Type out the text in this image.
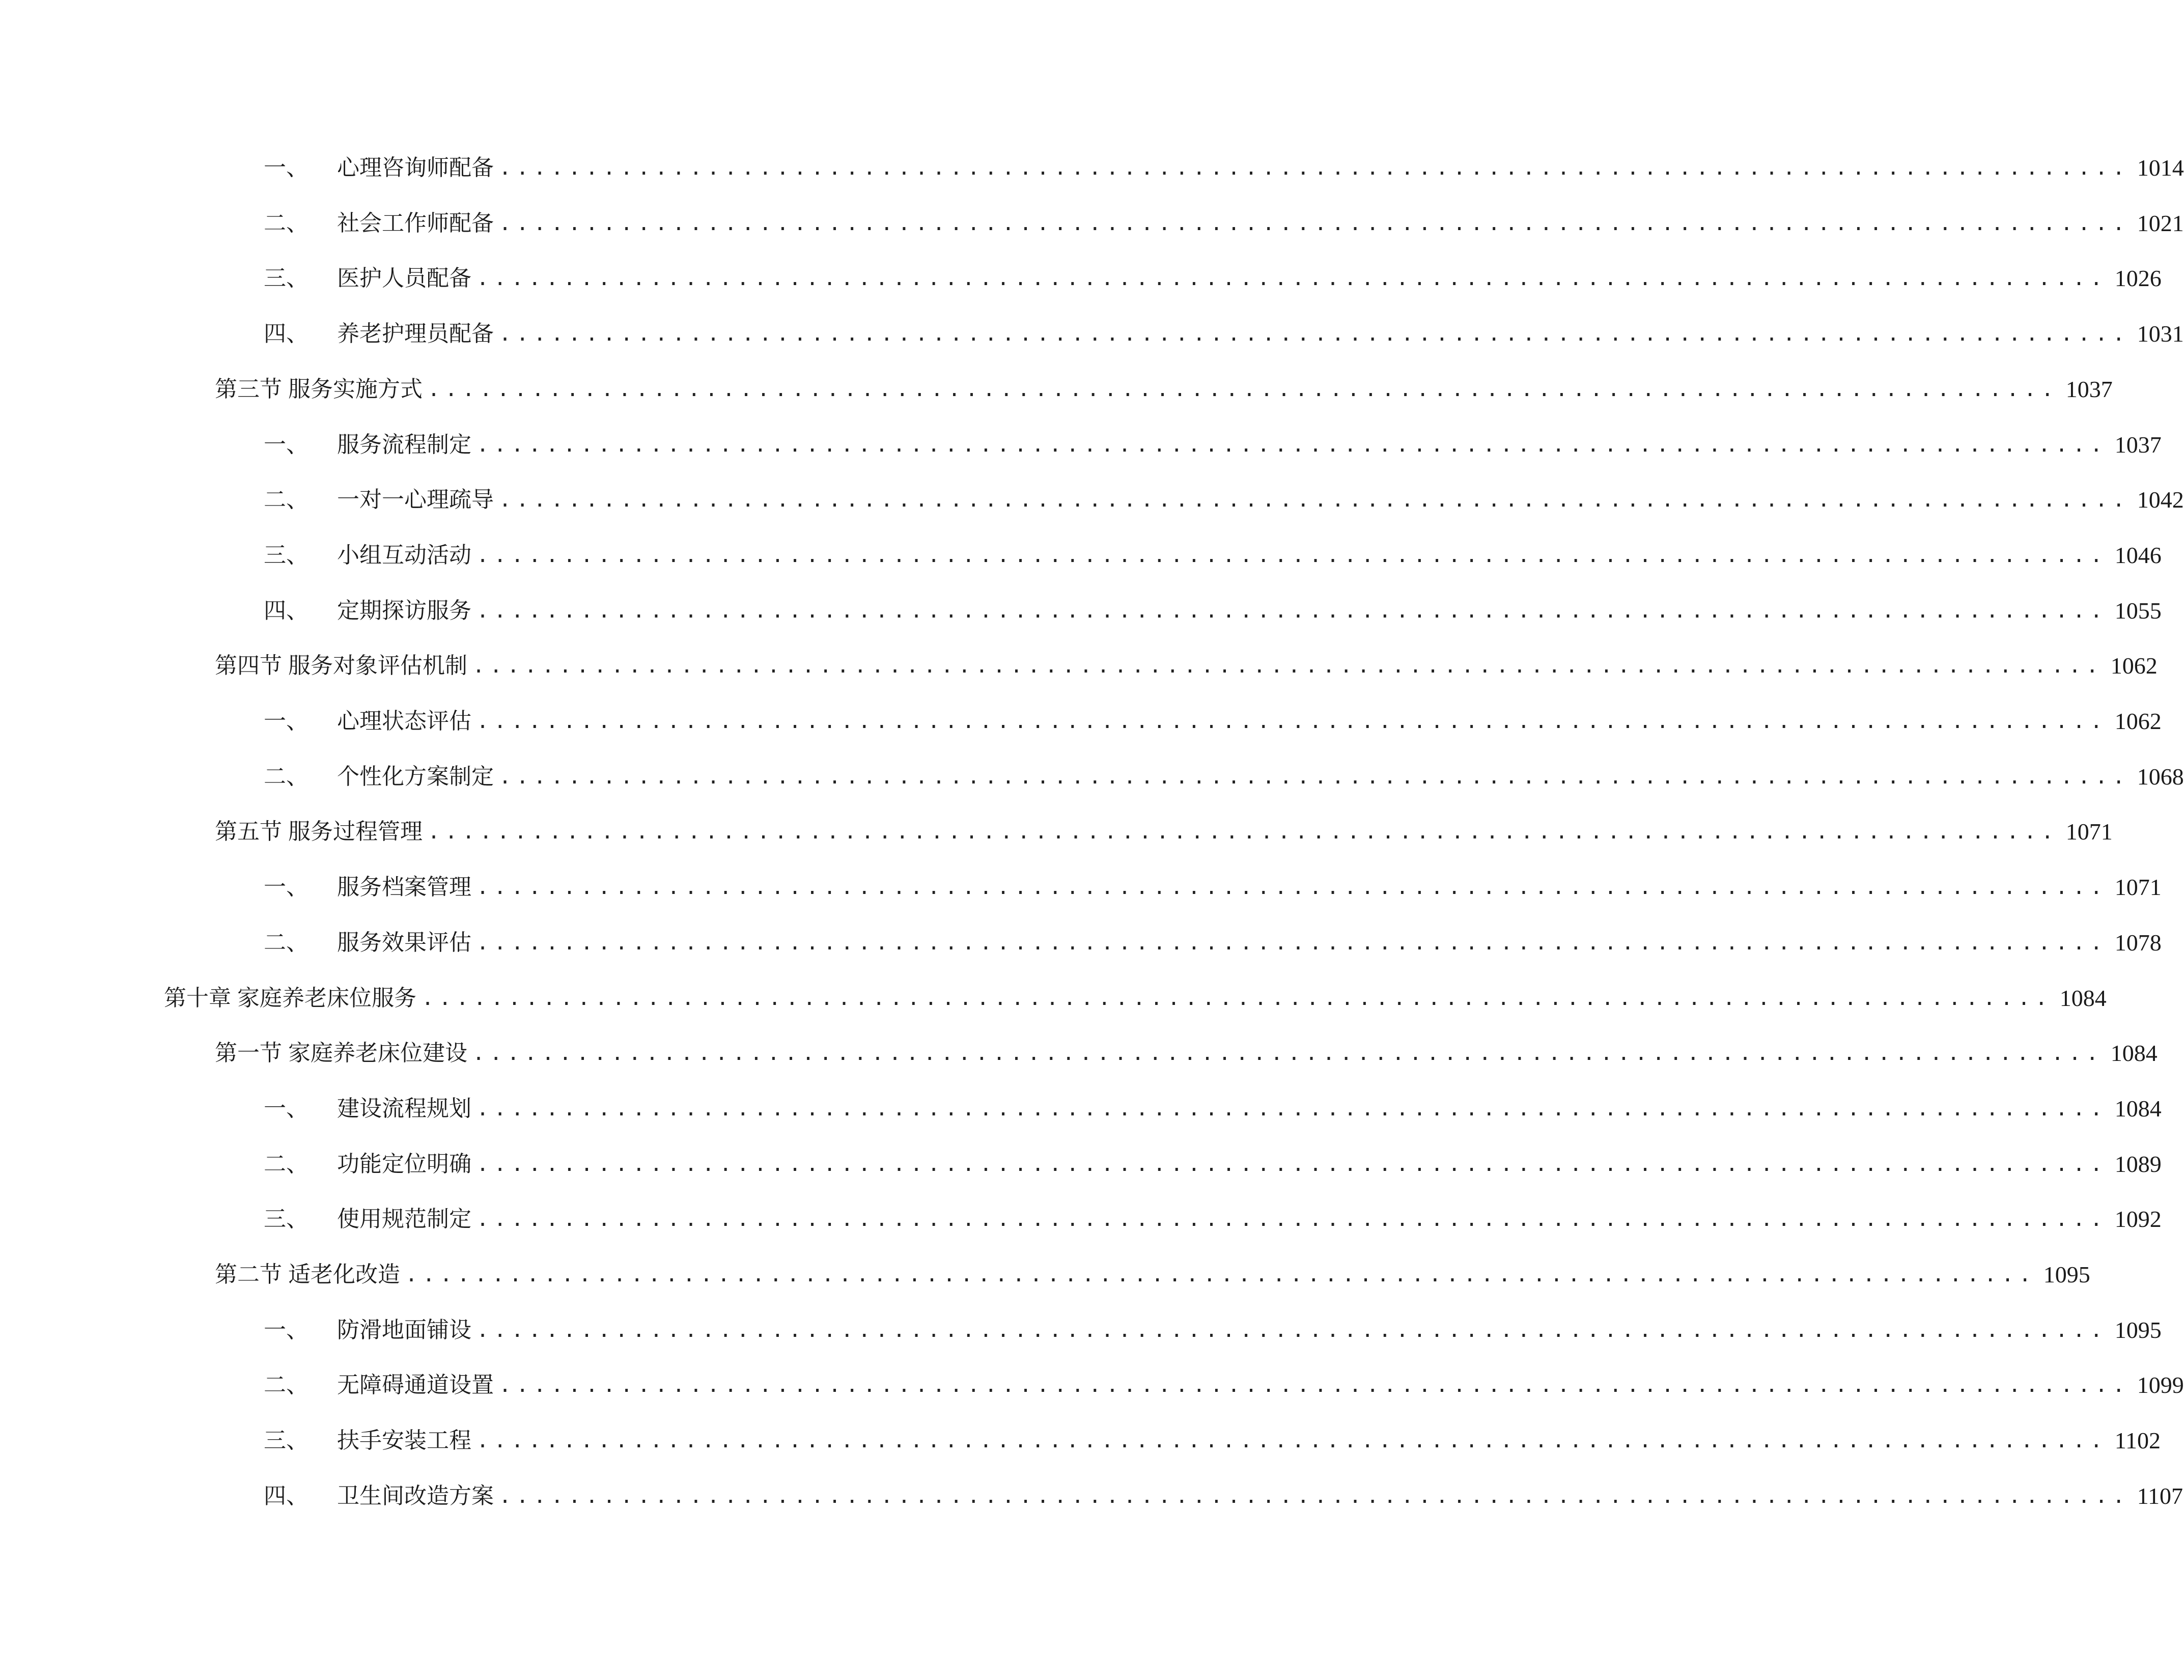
一、	心理咨询师配备 .............................................................................................. 1014
二、	社会工作师配备 .............................................................................................. 1021
三、	医护人员配备 .............................................................................................. 1026
四、	养老护理员配备 .............................................................................................. 1031
第三节 服务实施方式 .............................................................................................. 1037
一、	服务流程制定 .............................................................................................. 1037
二、	一对一心理疏导 .............................................................................................. 1042
三、	小组互动活动 .............................................................................................. 1046
四、	定期探访服务 .............................................................................................. 1055
第四节 服务对象评估机制 .............................................................................................. 1062
一、	心理状态评估 .............................................................................................. 1062
二、	个性化方案制定 .............................................................................................. 1068
第五节 服务过程管理 .............................................................................................. 1071
一、	服务档案管理 .............................................................................................. 1071
二、	服务效果评估 .............................................................................................. 1078
第十章 家庭养老床位服务 .............................................................................................. 1084
第一节 家庭养老床位建设 .............................................................................................. 1084
一、	建设流程规划 .............................................................................................. 1084
二、	功能定位明确 .............................................................................................. 1089
三、	使用规范制定 .............................................................................................. 1092
第二节 适老化改造 .............................................................................................. 1095
一、	防滑地面铺设 .............................................................................................. 1095
二、	无障碍通道设置 .............................................................................................. 1099
三、	扶手安装工程 .............................................................................................. 1102
四、	卫生间改造方案 .............................................................................................. 1107
